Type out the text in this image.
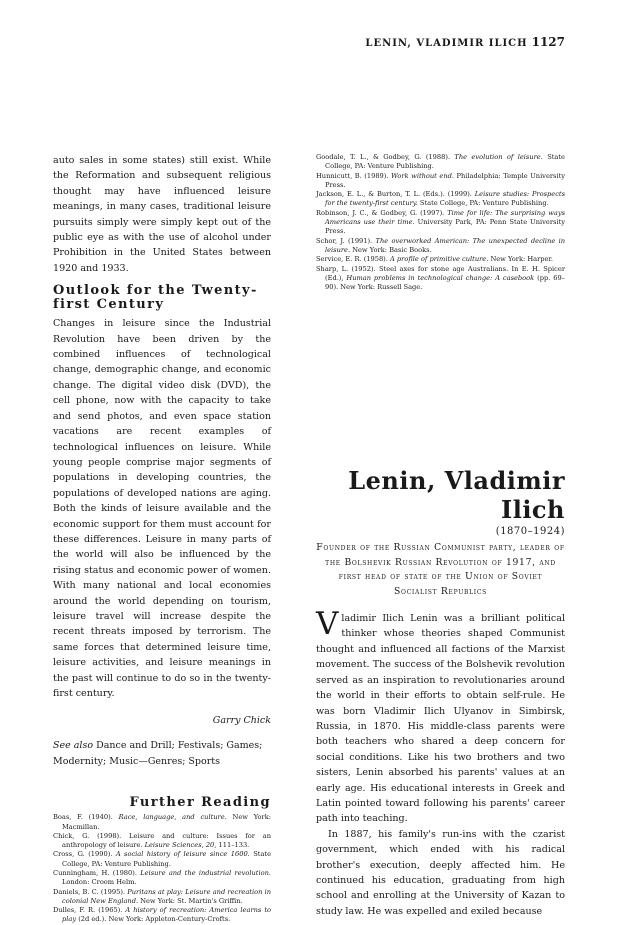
LENIN, VLADIMIR ILICH 1127

auto sales in some states) still exist. While the Reformation and subsequent religious thought may have influenced leisure meanings, in many cases, traditional leisure pursuits simply were simply kept out of the public eye as with the use of alcohol under Prohibition in the United States between 1920 and 1933.

Outlook for the Twenty-
first Century

Changes in leisure since the Industrial Revolution have been driven by the combined influences of technological change, demographic change, and economic change. The digital video disk (DVD), the cell phone, now with the capacity to take and send photos, and even space station vacations are recent examples of technological influences on leisure. While young people comprise major segments of populations in developing countries, the populations of developed nations are aging. Both the kinds of leisure available and the economic support for them must account for these differences. Leisure in many parts of the world will also be influenced by the rising status and economic power of women. With many national and local economies around the world depending on tourism, leisure travel will increase despite the recent threats imposed by terrorism. The same forces that determined leisure time, leisure activities, and leisure meanings in the past will continue to do so in the twenty-first century.

Garry Chick

See also Dance and Drill; Festivals; Games; Modernity; Music—Genres; Sports

Further Reading
Boas, F. (1940). Race, language, and culture. New York: Macmillan.
Chick, G. (1998). Leisure and culture: Issues for an anthropology of leisure. Leisure Sciences, 20, 111–133.
Cross, G. (1990). A social history of leisure since 1600. State College, PA: Venture Publishing.
Cunningham, H. (1980). Leisure and the industrial revolution. London: Croom Helm.
Daniels, B. C. (1995). Puritans at play: Leisure and recreation in colonial New England. New York: St. Martin's Griffin.
Dulles, F. R. (1965). A history of recreation: America learns to play (2d ed.). New York: Appleton-Century-Crofts.
Goodale, T. L., & Godbey, G. (1988). The evolution of leisure. State College, PA: Venture Publishing.
Hunnicutt, B. (1989). Work without end. Philadelphia: Temple University Press.
Jackson, E. L., & Burton, T. L. (Eds.). (1999). Leisure studies: Prospects for the twenty-first century. State College, PA: Venture Publishing.
Robinson, J. C., & Godbey, G. (1997). Time for life: The surprising ways Americans use their time. University Park, PA: Penn State University Press.
Schor, J. (1991). The overworked American: The unexpected decline in leisure. New York: Basic Books.
Service, E. R. (1958). A profile of primitive culture. New York: Harper.
Sharp, L. (1952). Steel axes for stone age Australians. In E. H. Spicer (Ed.), Human problems in technological change: A casebook (pp. 69–90). New York: Russell Sage.
Lenin, Vladimir
Ilich
(1870–1924)
Founder of the Russian Communist party, leader of the Bolshevik Russian Revolution of 1917, and first head of state of the Union of Soviet Socialist Republics

Vladimir Ilich Lenin was a brilliant political thinker whose theories shaped Communist thought and influenced all factions of the Marxist movement. The success of the Bolshevik revolution served as an inspiration to revolutionaries around the world in their efforts to obtain self-rule. He was born Vladimir Ilich Ulyanov in Simbirsk, Russia, in 1870. His middle-class parents were both teachers who shared a deep concern for social conditions. Like his two brothers and two sisters, Lenin absorbed his parents' values at an early age. His educational interests in Greek and Latin pointed toward following his parents' career path into teaching.

In 1887, his family's run-ins with the czarist government, which ended with his radical brother's execution, deeply affected him. He continued his education, graduating from high school and enrolling at the University of Kazan to study law. He was expelled and exiled because
